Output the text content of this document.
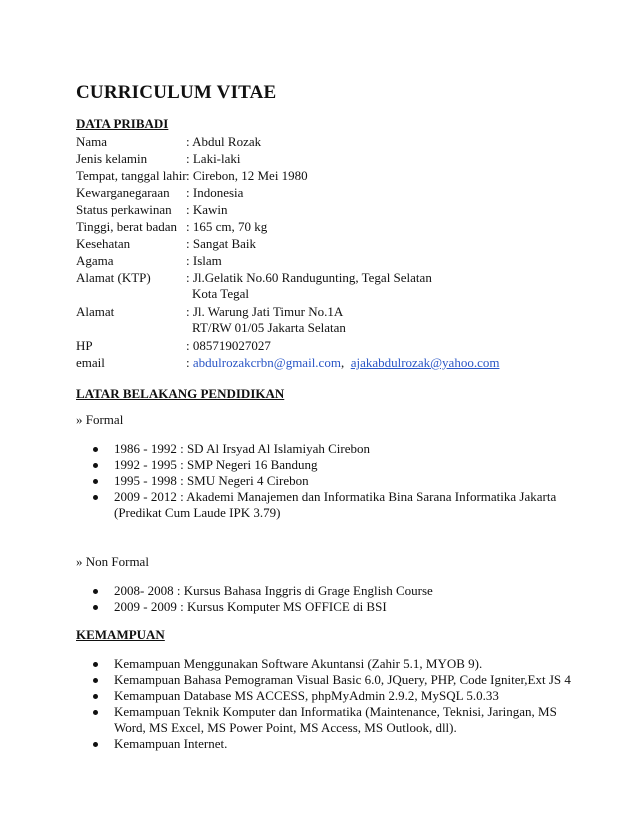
CURRICULUM VITAE
DATA PRIBADI
Nama	: Abdul Rozak
Jenis kelamin	: Laki-laki
Tempat, tanggal lahir : Cirebon, 12 Mei 1980
Kewarganegaraan : Indonesia
Status perkawinan : Kawin
Tinggi, berat badan : 165 cm, 70 kg
Kesehatan	: Sangat Baik
Agama	: Islam
Alamat (KTP)	: Jl.Gelatik No.60 Randugunting, Tegal Selatan
Kota Tegal
Alamat	: Jl. Warung Jati Timur No.1A
RT/RW 01/05 Jakarta Selatan
HP	: 085719027027
email	: abdulrozakcrbn@gmail.com, ajakabdulrozak@yahoo.com
LATAR BELAKANG PENDIDIKAN
» Formal
1986 - 1992 : SD Al Irsyad Al Islamiyah Cirebon
1992 - 1995 : SMP Negeri 16 Bandung
1995 - 1998 : SMU Negeri 4 Cirebon
2009 - 2012 : Akademi Manajemen dan Informatika Bina Sarana Informatika Jakarta
(Predikat Cum Laude IPK 3.79)
» Non Formal
2008- 2008 : Kursus Bahasa Inggris di Grage English Course
2009 - 2009 : Kursus Komputer MS OFFICE di BSI
KEMAMPUAN
Kemampuan Menggunakan Software Akuntansi (Zahir 5.1, MYOB 9).
Kemampuan Bahasa Pemograman Visual Basic 6.0, JQuery, PHP, Code Igniter,Ext JS 4
Kemampuan Database MS ACCESS, phpMyAdmin 2.9.2, MySQL 5.0.33
Kemampuan Teknik Komputer dan Informatika (Maintenance, Teknisi, Jaringan, MS
Word, MS Excel, MS Power Point, MS Access, MS Outlook, dll).
Kemampuan Internet.
